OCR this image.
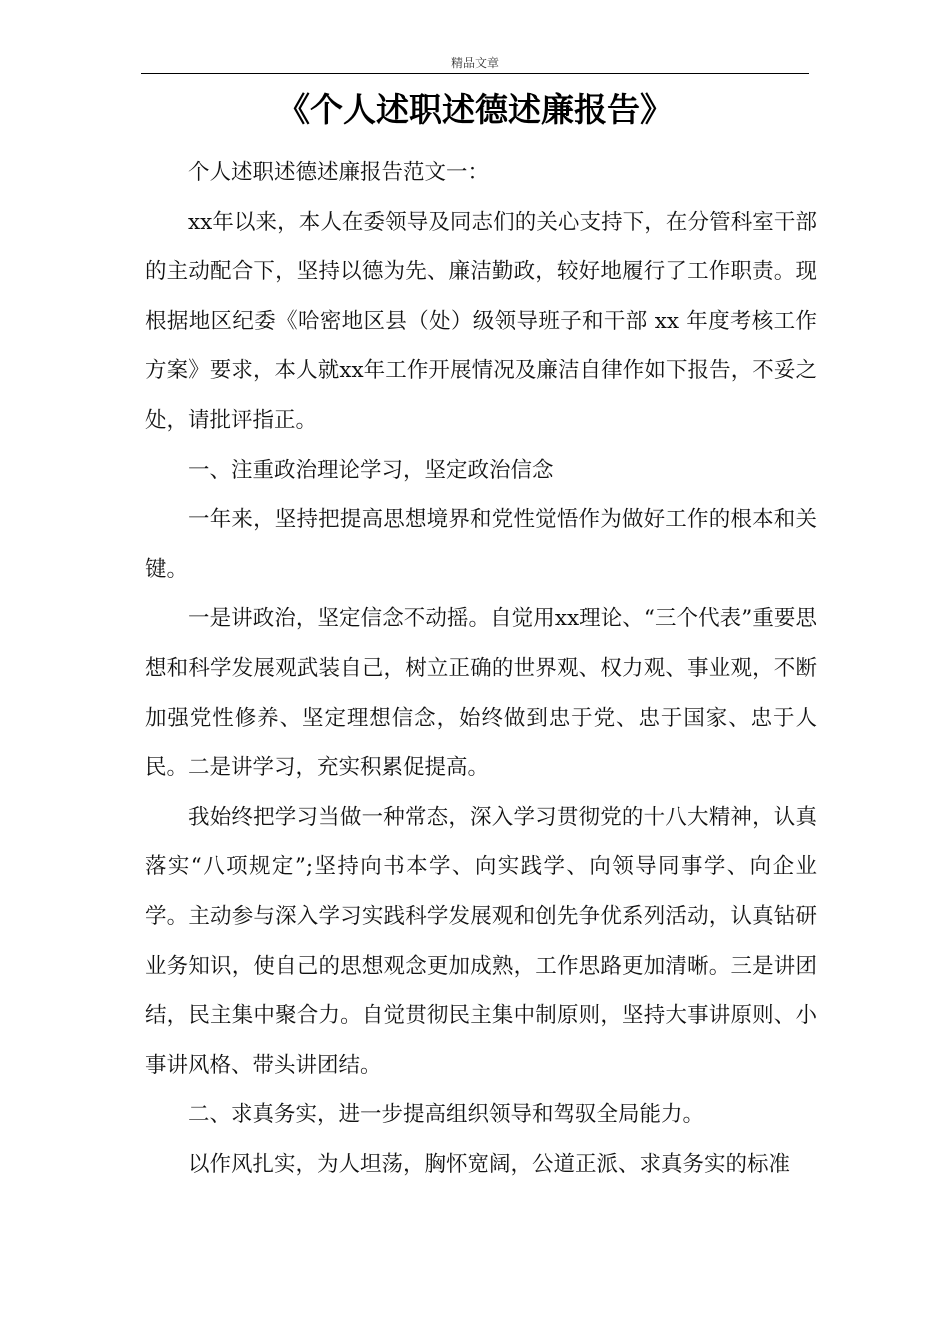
精品文章
《个人述职述德述廉报告》

个人述职述德述廉报告范文一：

xx年以来，本人在委领导及同志们的关心支持下，在分管科室干部的主动配合下，坚持以德为先、廉洁勤政，较好地履行了工作职责。现根据地区纪委《哈密地区县（处）级领导班子和干部 xx 年度考核工作方案》要求，本人就xx年工作开展情况及廉洁自律作如下报告，不妥之处，请批评指正。

一、注重政治理论学习，坚定政治信念

一年来，坚持把提高思想境界和党性觉悟作为做好工作的根本和关键。

一是讲政治，坚定信念不动摇。自觉用xx理论、“三个代表”重要思想和科学发展观武装自己，树立正确的世界观、权力观、事业观，不断加强党性修养、坚定理想信念，始终做到忠于党、忠于国家、忠于人民。二是讲学习，充实积累促提高。

我始终把学习当做一种常态，深入学习贯彻党的十八大精神，认真落实“八项规定”;坚持向书本学、向实践学、向领导同事学、向企业学。主动参与深入学习实践科学发展观和创先争优系列活动，认真钻研业务知识，使自己的思想观念更加成熟，工作思路更加清晰。三是讲团结，民主集中聚合力。自觉贯彻民主集中制原则，坚持大事讲原则、小事讲风格、带头讲团结。

二、求真务实，进一步提高组织领导和驾驭全局能力。

以作风扎实，为人坦荡，胸怀宽阔，公道正派、求真务实的标准
